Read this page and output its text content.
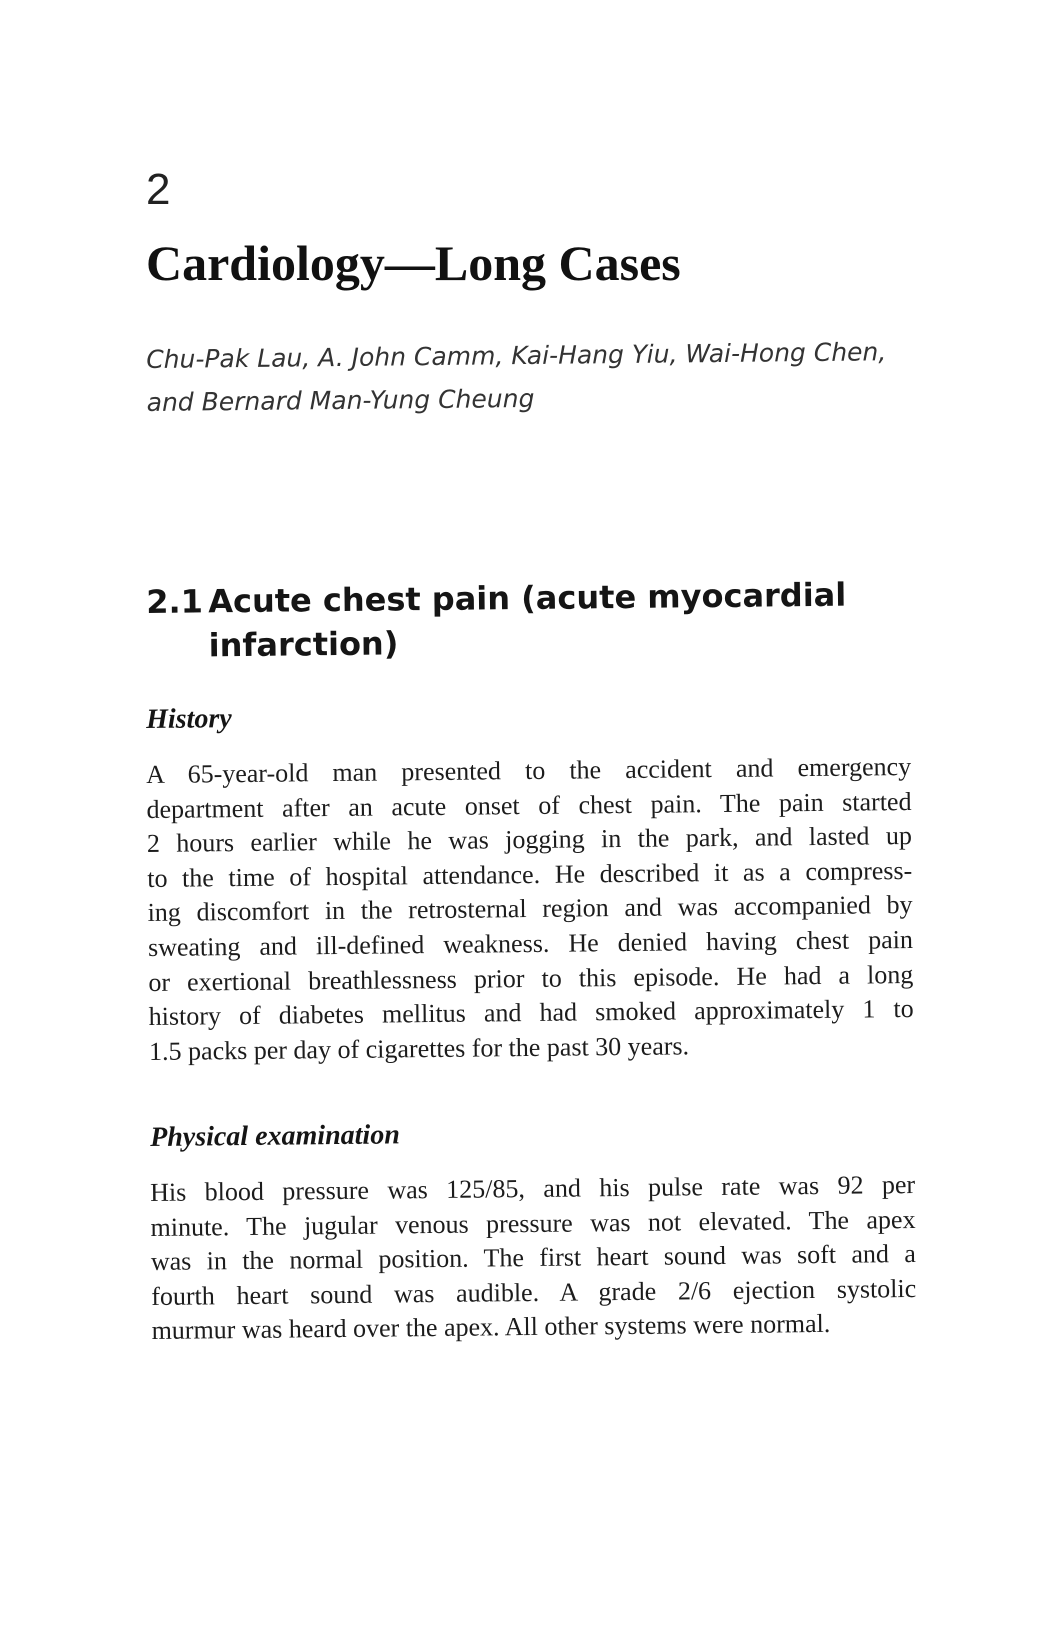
2
Cardiology—Long Cases
Chu-Pak Lau, A. John Camm, Kai-Hang Yiu, Wai-Hong Chen,
and Bernard Man-Yung Cheung
2.1 Acute chest pain (acute myocardial
infarction)
History
A 65-year-old man presented to the accident and emergency
department after an acute onset of chest pain. The pain started
2 hours earlier while he was jogging in the park, and lasted up
to the time of hospital attendance. He described it as a compress-
ing discomfort in the retrosternal region and was accompanied by
sweating and ill-defined weakness. He denied having chest pain
or exertional breathlessness prior to this episode. He had a long
history of diabetes mellitus and had smoked approximately 1 to
1.5 packs per day of cigarettes for the past 30 years.
Physical examination
His blood pressure was 125/85, and his pulse rate was 92 per
minute. The jugular venous pressure was not elevated. The apex
was in the normal position. The first heart sound was soft and a
fourth heart sound was audible. A grade 2/6 ejection systolic
murmur was heard over the apex. All other systems were normal.
